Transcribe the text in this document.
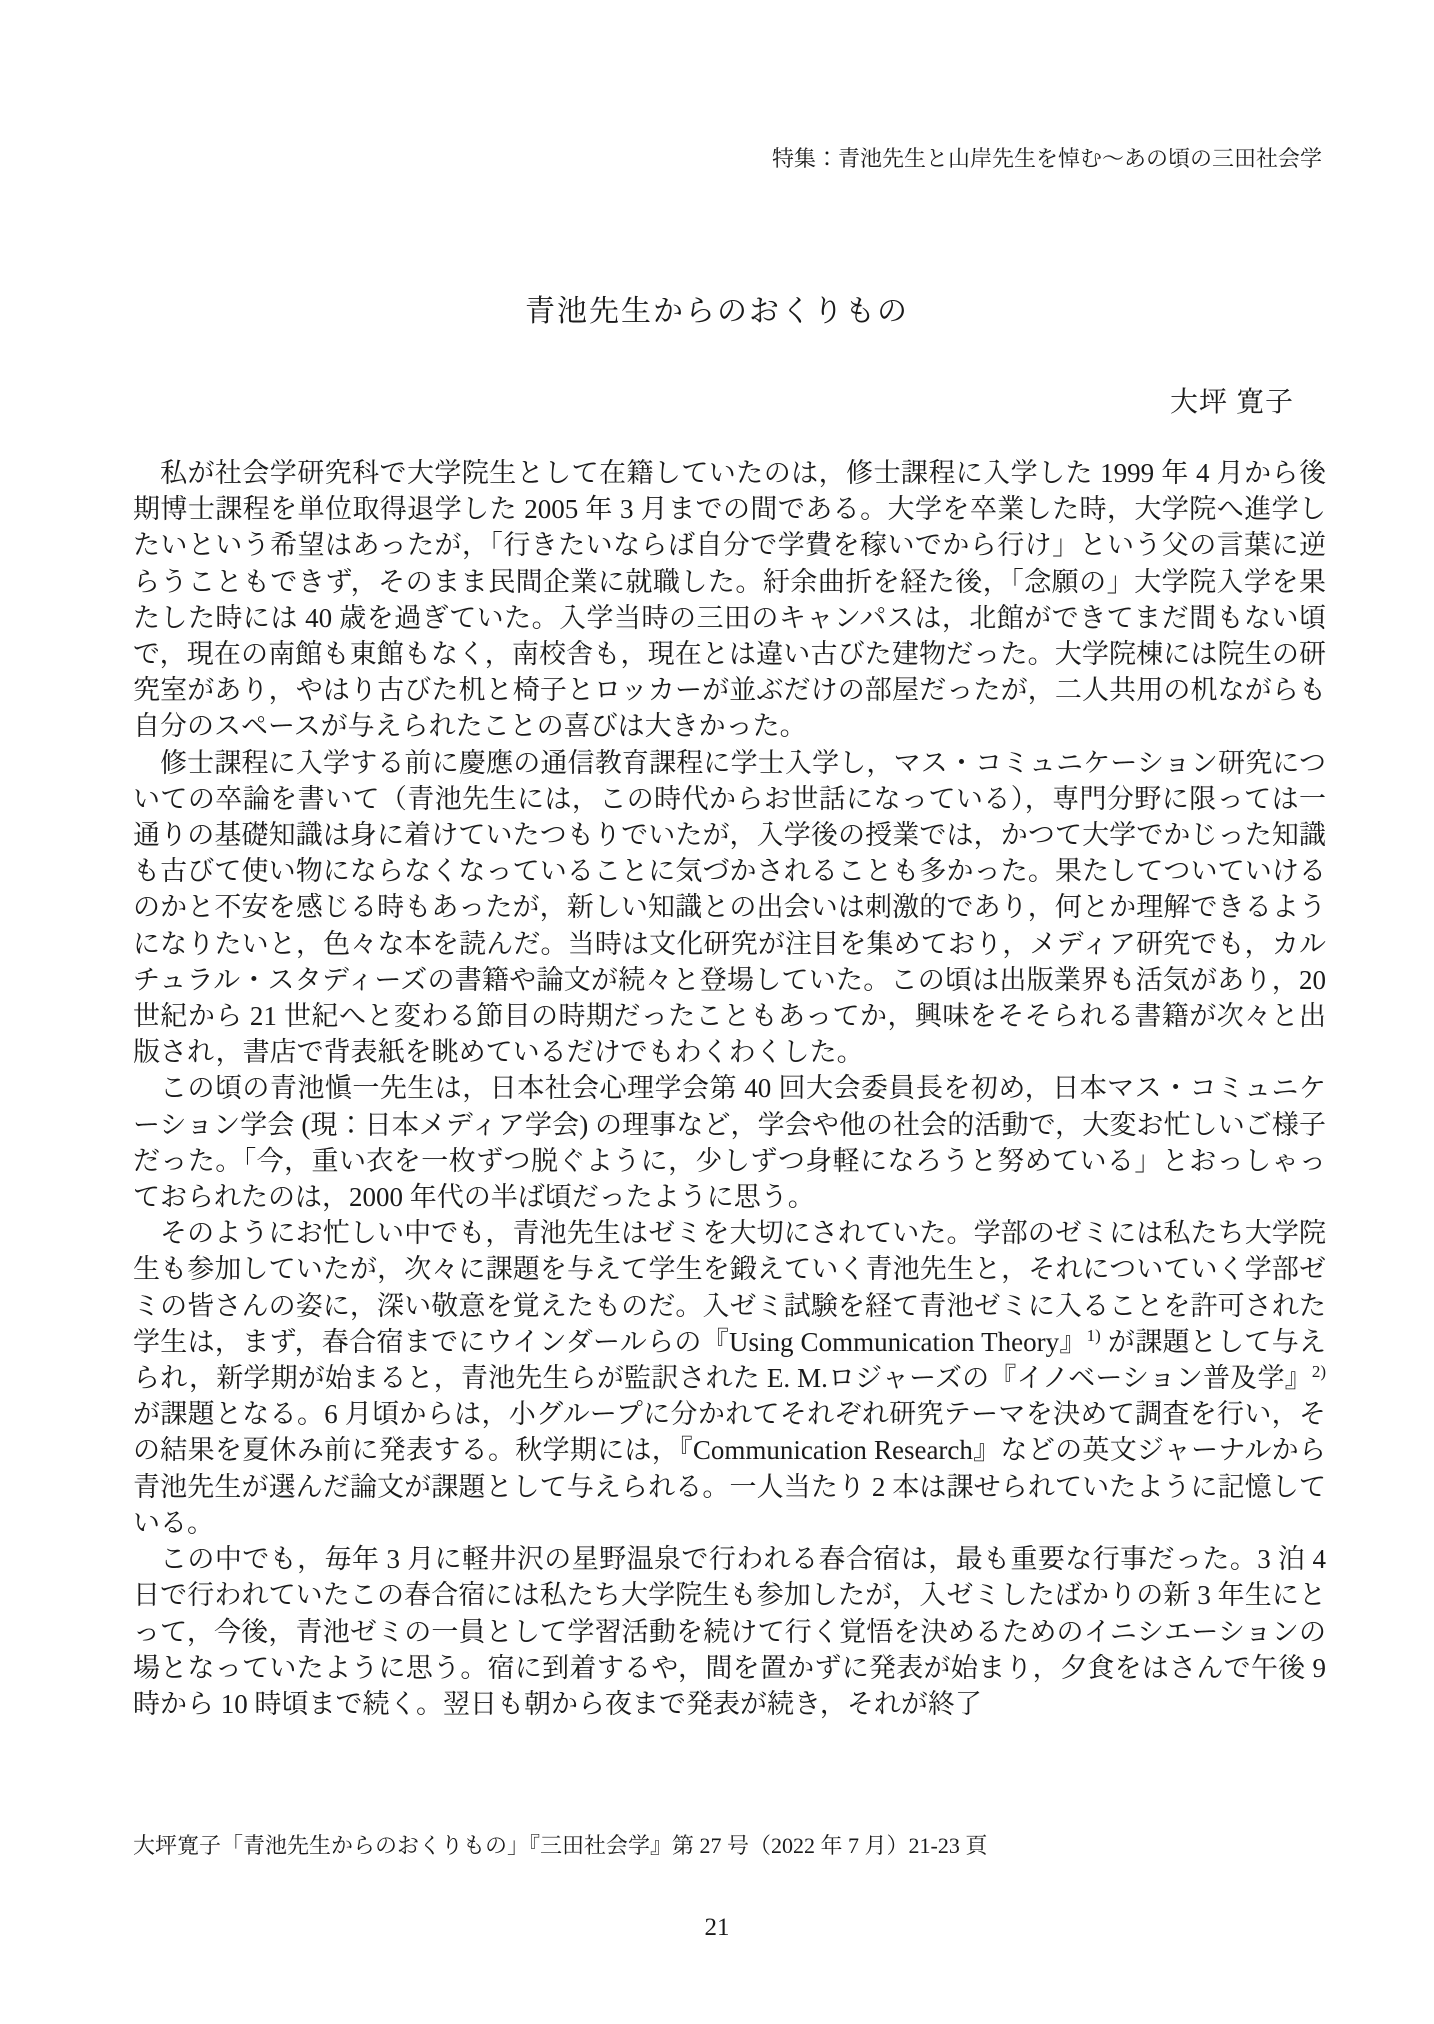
特集：青池先生と山岸先生を悼む～あの頃の三田社会学
青池先生からのおくりもの
大坪 寛子

私が社会学研究科で大学院生として在籍していたのは，修士課程に入学した 1999 年 4 月から後期博士課程を単位取得退学した 2005 年 3 月までの間である。大学を卒業した時，大学院へ進学したいという希望はあったが，「行きたいならば自分で学費を稼いでから行け」という父の言葉に逆らうこともできず，そのまま民間企業に就職した。紆余曲折を経た後，「念願の」大学院入学を果たした時には 40 歳を過ぎていた。入学当時の三田のキャンパスは，北館ができてまだ間もない頃で，現在の南館も東館もなく，南校舎も，現在とは違い古びた建物だった。大学院棟には院生の研究室があり，やはり古びた机と椅子とロッカーが並ぶだけの部屋だったが，二人共用の机ながらも自分のスペースが与えられたことの喜びは大きかった。

修士課程に入学する前に慶應の通信教育課程に学士入学し，マス・コミュニケーション研究についての卒論を書いて（青池先生には，この時代からお世話になっている），専門分野に限っては一通りの基礎知識は身に着けていたつもりでいたが，入学後の授業では，かつて大学でかじった知識も古びて使い物にならなくなっていることに気づかされることも多かった。果たしてついていけるのかと不安を感じる時もあったが，新しい知識との出会いは刺激的であり，何とか理解できるようになりたいと，色々な本を読んだ。当時は文化研究が注目を集めており，メディア研究でも，カルチュラル・スタディーズの書籍や論文が続々と登場していた。この頃は出版業界も活気があり，20 世紀から 21 世紀へと変わる節目の時期だったこともあってか，興味をそそられる書籍が次々と出版され，書店で背表紙を眺めているだけでもわくわくした。

この頃の青池愼一先生は，日本社会心理学会第 40 回大会委員長を初め，日本マス・コミュニケーション学会 (現：日本メディア学会) の理事など，学会や他の社会的活動で，大変お忙しいご様子だった。「今，重い衣を一枚ずつ脱ぐように，少しずつ身軽になろうと努めている」とおっしゃっておられたのは，2000 年代の半ば頃だったように思う。

そのようにお忙しい中でも，青池先生はゼミを大切にされていた。学部のゼミには私たち大学院生も参加していたが，次々に課題を与えて学生を鍛えていく青池先生と，それについていく学部ゼミの皆さんの姿に，深い敬意を覚えたものだ。入ゼミ試験を経て青池ゼミに入ることを許可された学生は，まず，春合宿までにウインダールらの『Using Communication Theory』$^{1)}$ が課題として与えられ，新学期が始まると，青池先生らが監訳された E. M.ロジャーズの『イノベーション普及学』$^{2)}$ が課題となる。6 月頃からは，小グループに分かれてそれぞれ研究テーマを決めて調査を行い，その結果を夏休み前に発表する。秋学期には，『Communication Research』などの英文ジャーナルから青池先生が選んだ論文が課題として与えられる。一人当たり 2 本は課せられていたように記憶している。

この中でも，毎年 3 月に軽井沢の星野温泉で行われる春合宿は，最も重要な行事だった。3 泊 4 日で行われていたこの春合宿には私たち大学院生も参加したが，入ゼミしたばかりの新 3 年生にとって，今後，青池ゼミの一員として学習活動を続けて行く覚悟を決めるためのイニシエーションの場となっていたように思う。宿に到着するや，間を置かずに発表が始まり，夕食をはさんで午後 9 時から 10 時頃まで続く。翌日も朝から夜まで発表が続き，それが終了

大坪寛子「青池先生からのおくりもの」『三田社会学』第 27 号（2022 年 7 月）21-23 頁
21
